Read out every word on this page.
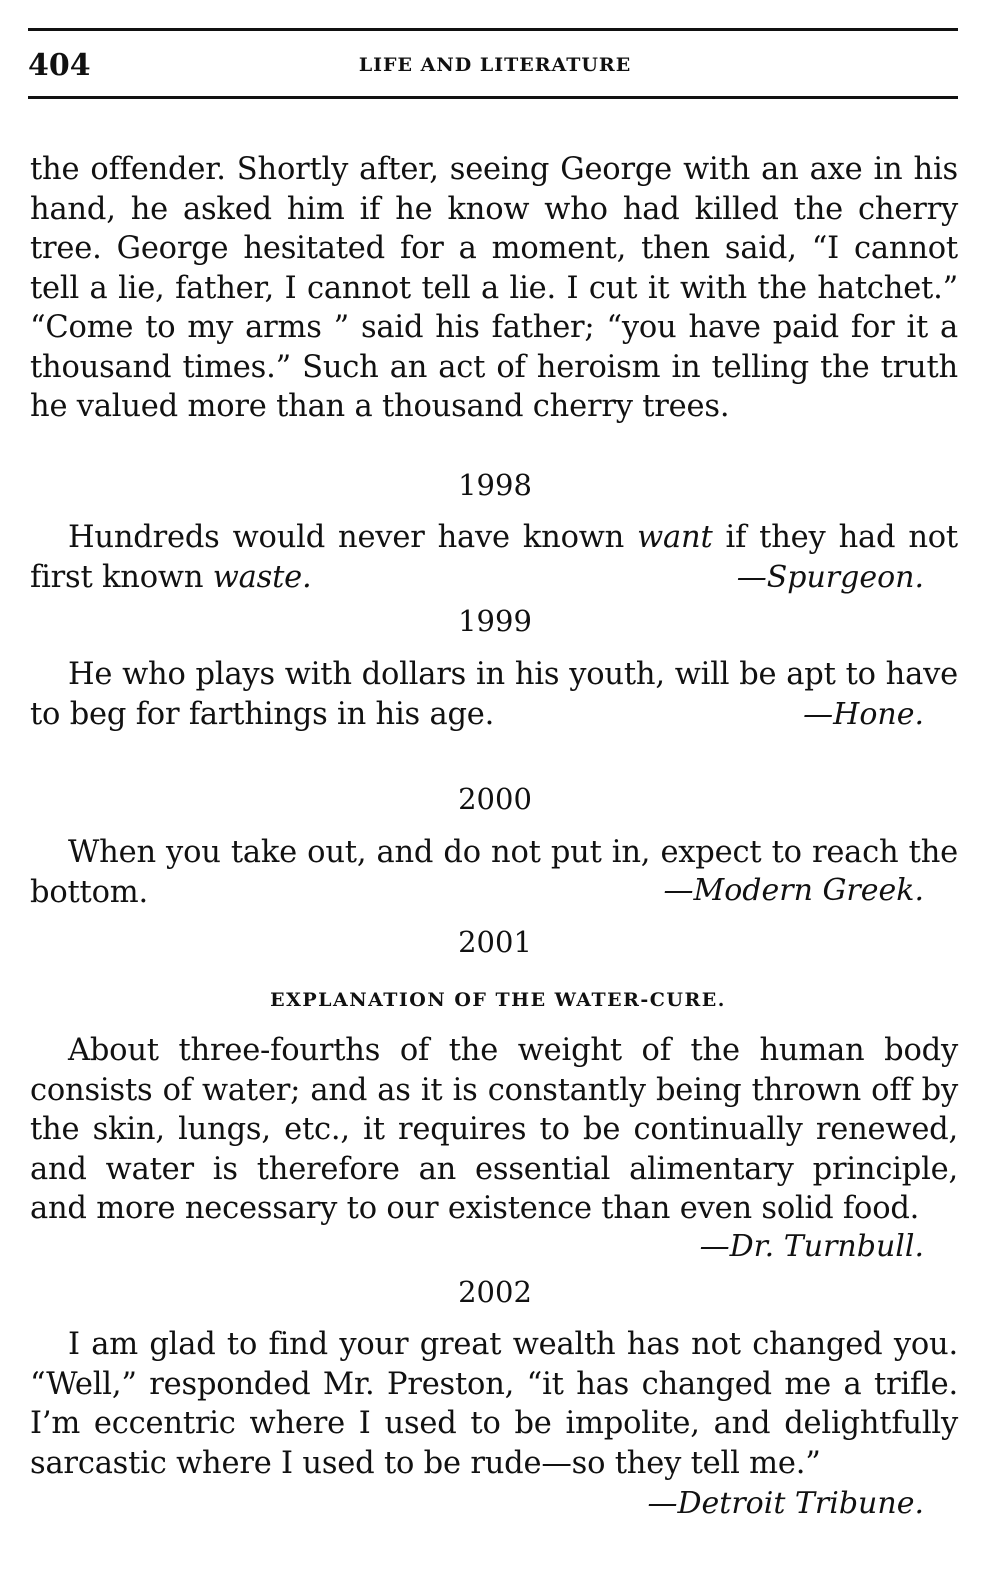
404	LIFE AND LITERATURE

the offender. Shortly after, seeing George with an axe in his hand, he asked him if he know who had killed the cherry tree. George hesitated for a moment, then said, “I cannot tell a lie, father, I cannot tell a lie. I cut it with the hatchet.” “Come to my arms ” said his father; “you have paid for it a thousand times.” Such an act of heroism in telling the truth he valued more than a thousand cherry trees.

1998

Hundreds would never have known want if they had not first known waste.	—Spurgeon.
1999

He who plays with dollars in his youth, will be apt to have to beg for farthings in his age.	—Hone.
2000

When you take out, and do not put in, expect to reach the bottom.	—Modern Greek.
2001
EXPLANATION OF THE WATER-CURE.

About three-fourths of the weight of the human body consists of water; and as it is constantly being thrown off by the skin, lungs, etc., it requires to be continually renewed, and water is therefore an essential alimentary principle, and more necessary to our existence than even solid food.

—Dr. Turnbull.
2002

I am glad to find your great wealth has not changed you. “Well,” responded Mr. Preston, “it has changed me a trifle. I’m eccentric where I used to be impolite, and delightfully sarcastic where I used to be rude—so they tell me.”

—Detroit Tribune.
